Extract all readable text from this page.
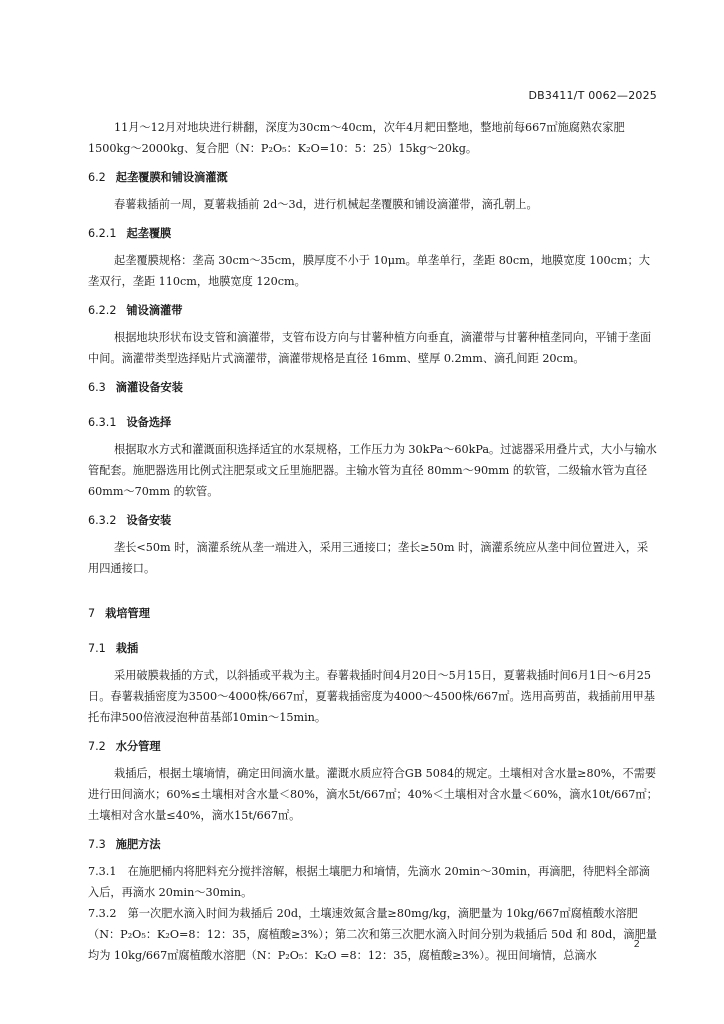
DB3411/T 0062—2025

11月～12月对地块进行耕翻，深度为30cm～40cm，次年4月耙田整地，整地前每667㎡施腐熟农家肥1500kg～2000kg、复合肥（N：P₂O₅：K₂O=10：5：25）15kg～20kg。

6.2 起垄覆膜和铺设滴灌溉

春薯栽插前一周，夏薯栽插前 2d～3d，进行机械起垄覆膜和铺设滴灌带，滴孔朝上。

6.2.1 起垄覆膜

起垄覆膜规格：垄高 30cm～35cm，膜厚度不小于 10μm。单垄单行，垄距 80cm，地膜宽度 100cm；大垄双行，垄距 110cm，地膜宽度 120cm。

6.2.2 铺设滴灌带

根据地块形状布设支管和滴灌带，支管布设方向与甘薯种植方向垂直，滴灌带与甘薯种植垄同向，平铺于垄面中间。滴灌带类型选择贴片式滴灌带，滴灌带规格是直径 16mm、壁厚 0.2mm、滴孔间距 20cm。

6.3 滴灌设备安装
6.3.1 设备选择

根据取水方式和灌溉面积选择适宜的水泵规格，工作压力为 30kPa～60kPa。过滤器采用叠片式，大小与输水管配套。施肥器选用比例式注肥泵或文丘里施肥器。主输水管为直径 80mm～90mm 的软管，二级输水管为直径 60mm～70mm 的软管。

6.3.2 设备安装

垄长<50m 时，滴灌系统从垄一端进入，采用三通接口；垄长≥50m 时，滴灌系统应从垄中间位置进入，采用四通接口。

7 栽培管理
7.1 栽插

采用破膜栽插的方式，以斜插或平栽为主。春薯栽插时间4月20日～5月15日，夏薯栽插时间6月1日～6月25日。春薯栽插密度为3500～4000株/667㎡，夏薯栽插密度为4000～4500株/667㎡。选用高剪苗，栽插前用甲基托布津500倍液浸泡种苗基部10min～15min。

7.2 水分管理

栽插后，根据土壤墒情，确定田间滴水量。灌溉水质应符合GB 5084的规定。土壤相对含水量≥80%，不需要进行田间滴水；60%≤土壤相对含水量＜80%，滴水5t/667㎡；40%＜土壤相对含水量＜60%，滴水10t/667㎡；土壤相对含水量≤40%，滴水15t/667㎡。

7.3 施肥方法

7.3.1　在施肥桶内将肥料充分搅拌溶解，根据土壤肥力和墒情，先滴水 20min～30min，再滴肥，待肥料全部滴入后，再滴水 20min～30min。

7.3.2　第一次肥水滴入时间为栽插后 20d，土壤速效氮含量≥80mg/kg，滴肥量为 10kg/667㎡腐植酸水溶肥（N：P₂O₅：K₂O=8：12：35，腐植酸≥3%）；第二次和第三次肥水滴入时间分别为栽插后 50d 和 80d，滴肥量均为 10kg/667㎡腐植酸水溶肥（N：P₂O₅：K₂O =8：12：35，腐植酸≥3%）。视田间墒情，总滴水

2
